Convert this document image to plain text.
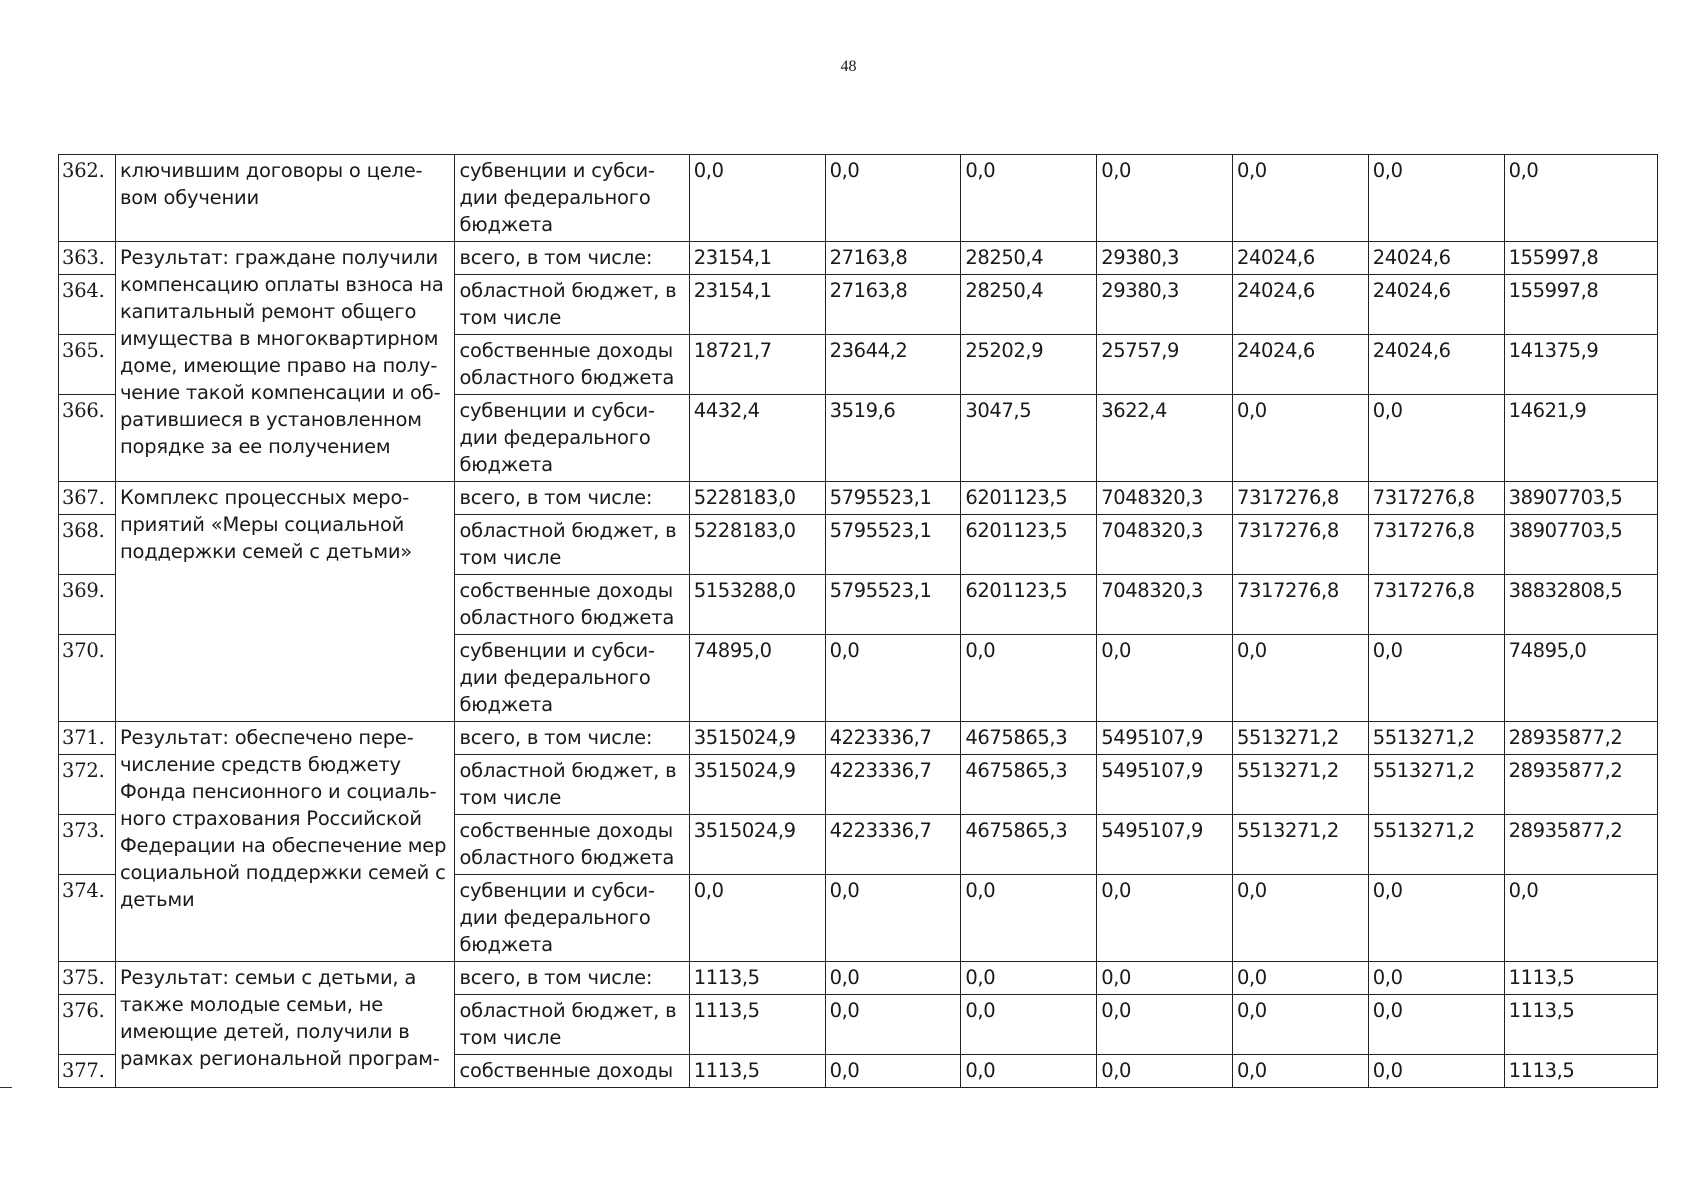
48
362.	ключившим договоры о целе-вом обучении	субвенции и субси-дии федерального бюджета	0,0	0,0	0,0	0,0	0,0	0,0	0,0
363.	Результат: граждане получили компенсацию оплаты взноса на капитальный ремонт общего имущества в многоквартирном доме, имеющие право на полу-чение такой компенсации и об-ратившиеся в установленном порядке за ее получением	всего, в том числе:	23154,1	27163,8	28250,4	29380,3	24024,6	24024,6	155997,8
364.		областной бюджет, в том числе	23154,1	27163,8	28250,4	29380,3	24024,6	24024,6	155997,8
365.		собственные доходы областного бюджета	18721,7	23644,2	25202,9	25757,9	24024,6	24024,6	141375,9
366.		субвенции и субси-дии федерального бюджета	4432,4	3519,6	3047,5	3622,4	0,0	0,0	14621,9
367.	Комплекс процессных меро-приятий «Меры социальной поддержки семей с детьми»	всего, в том числе:	5228183,0	5795523,1	6201123,5	7048320,3	7317276,8	7317276,8	38907703,5
368.		областной бюджет, в том числе	5228183,0	5795523,1	6201123,5	7048320,3	7317276,8	7317276,8	38907703,5
369.		собственные доходы областного бюджета	5153288,0	5795523,1	6201123,5	7048320,3	7317276,8	7317276,8	38832808,5
370.		субвенции и субси-дии федерального бюджета	74895,0	0,0	0,0	0,0	0,0	0,0	74895,0
371.	Результат: обеспечено пере-числение средств бюджету Фонда пенсионного и социаль-ного страхования Российской Федерации на обеспечение мер социальной поддержки семей с детьми	всего, в том числе:	3515024,9	4223336,7	4675865,3	5495107,9	5513271,2	5513271,2	28935877,2
372.		областной бюджет, в том числе	3515024,9	4223336,7	4675865,3	5495107,9	5513271,2	5513271,2	28935877,2
373.		собственные доходы областного бюджета	3515024,9	4223336,7	4675865,3	5495107,9	5513271,2	5513271,2	28935877,2
374.		субвенции и субси-дии федерального бюджета	0,0	0,0	0,0	0,0	0,0	0,0	0,0
375.	Результат: семьи с детьми, а также молодые семьи, не имеющие детей, получили в рамках региональной програм-	всего, в том числе:	1113,5	0,0	0,0	0,0	0,0	0,0	1113,5
376.		областной бюджет, в том числе	1113,5	0,0	0,0	0,0	0,0	0,0	1113,5
377.		собственные доходы	1113,5	0,0	0,0	0,0	0,0	0,0	1113,5
